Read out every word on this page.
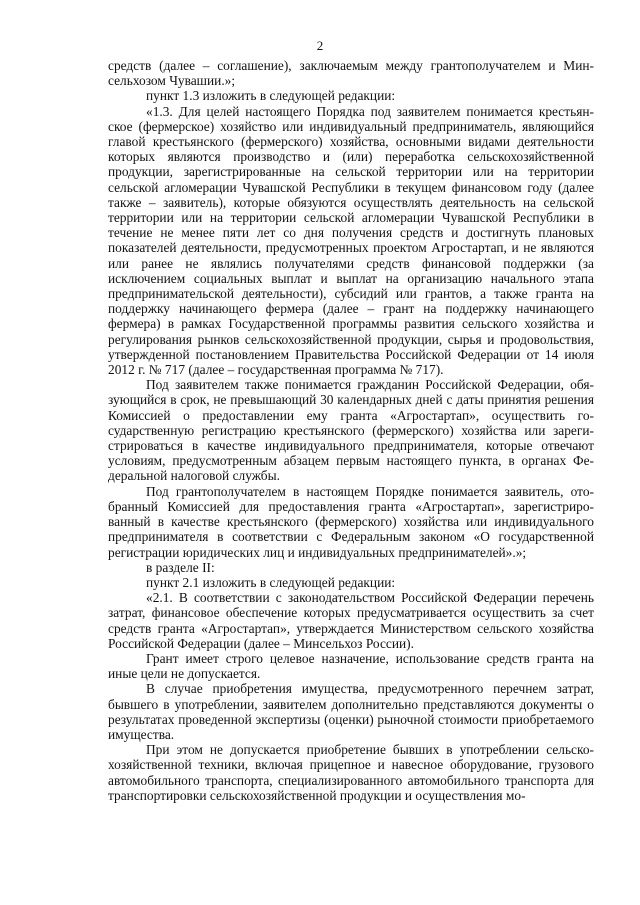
2

средств (далее – соглашение), заключаемым между грантополучателем и Минсельхозом Чувашии.»;

пункт 1.3 изложить в следующей редакции:

«1.3. Для целей настоящего Порядка под заявителем понимается крестьянское (фермерское) хозяйство или индивидуальный предприниматель, являющийся главой крестьянского (фермерского) хозяйства, основными видами деятельности которых являются производство и (или) переработка сельскохозяйственной продукции, зарегистрированные на сельской территории или на территории сельской агломерации Чувашской Республики в текущем финансовом году (далее также – заявитель), которые обязуются осуществлять деятельность на сельской территории или на территории сельской агломерации Чувашской Республики в течение не менее пяти лет со дня получения средств и достигнуть плановых показателей деятельности, предусмотренных проектом Агростартап, и не являются или ранее не являлись получателями средств финансовой поддержки (за исключением социальных выплат и выплат на организацию начального этапа предпринимательской деятельности), субсидий или грантов, а также гранта на поддержку начинающего фермера (далее – грант на поддержку начинающего фермера) в рамках Государственной программы развития сельского хозяйства и регулирования рынков сельскохозяйственной продукции, сырья и продовольствия, утвержденной постановлением Правительства Российской Федерации от 14 июля 2012 г. № 717 (далее – государственная программа № 717).

Под заявителем также понимается гражданин Российской Федерации, обязующийся в срок, не превышающий 30 календарных дней с даты принятия решения Комиссией о предоставлении ему гранта «Агростартап», осуществить государственную регистрацию крестьянского (фермерского) хозяйства или зарегистрироваться в качестве индивидуального предпринимателя, которые отвечают условиям, предусмотренным абзацем первым настоящего пункта, в органах Федеральной налоговой службы.

Под грантополучателем в настоящем Порядке понимается заявитель, отобранный Комиссией для предоставления гранта «Агростартап», зарегистрированный в качестве крестьянского (фермерского) хозяйства или индивидуального предпринимателя в соответствии с Федеральным законом «О государственной регистрации юридических лиц и индивидуальных предпринимателей».»;

в разделе II:

пункт 2.1 изложить в следующей редакции:

«2.1. В соответствии с законодательством Российской Федерации перечень затрат, финансовое обеспечение которых предусматривается осуществить за счет средств гранта «Агростартап», утверждается Министерством сельского хозяйства Российской Федерации (далее – Минсельхоз России).

Грант имеет строго целевое назначение, использование средств гранта на иные цели не допускается.

В случае приобретения имущества, предусмотренного перечнем затрат, бывшего в употреблении, заявителем дополнительно представляются документы о результатах проведенной экспертизы (оценки) рыночной стоимости приобретаемого имущества.

При этом не допускается приобретение бывших в употреблении сельскохозяйственной техники, включая прицепное и навесное оборудование, грузового автомобильного транспорта, специализированного автомобильного транспорта для транспортировки сельскохозяйственной продукции и осуществления мо-
